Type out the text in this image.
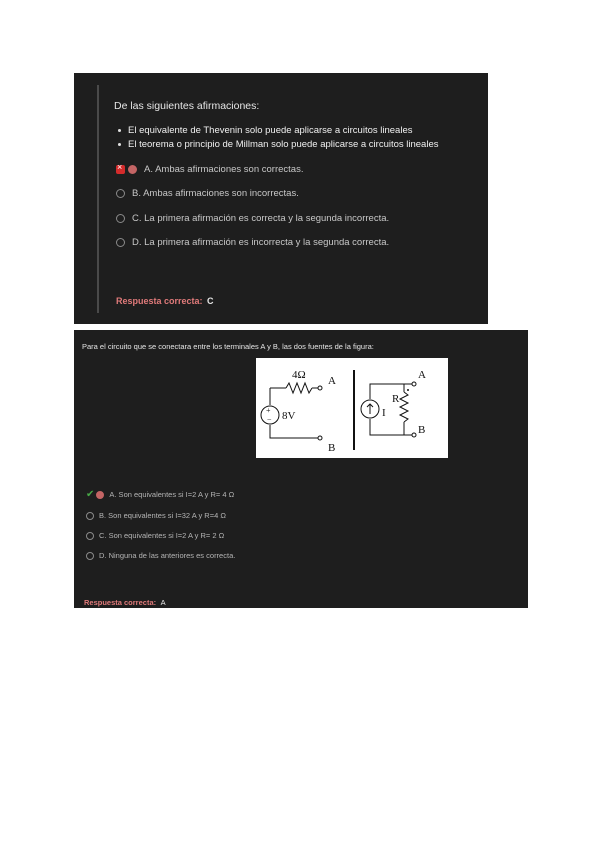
De las siguientes afirmaciones:
El equivalente de Thevenin solo puede aplicarse a circuitos lineales
El teorema o principio de Millman solo puede aplicarse a circuitos lineales
×
A. Ambas afirmaciones son correctas.
B. Ambas afirmaciones son incorrectas.
C. La primera afirmación es correcta y la segunda incorrecta.
D. La primera afirmación es incorrecta y la segunda correcta.
Respuesta correcta: C
Para el circuito que se conectara entre los terminales A y B, las dos fuentes de la figura:
4Ω A
B
+
− 8V
A
B
R
I
✔ A. Son equivalentes si I=2 A y R= 4 Ω
B. Son equivalentes si I=32 A y R=4 Ω
C. Son equivalentes si I=2 A y R= 2 Ω
D. Ninguna de las anteriores es correcta.
Respuesta correcta: A
